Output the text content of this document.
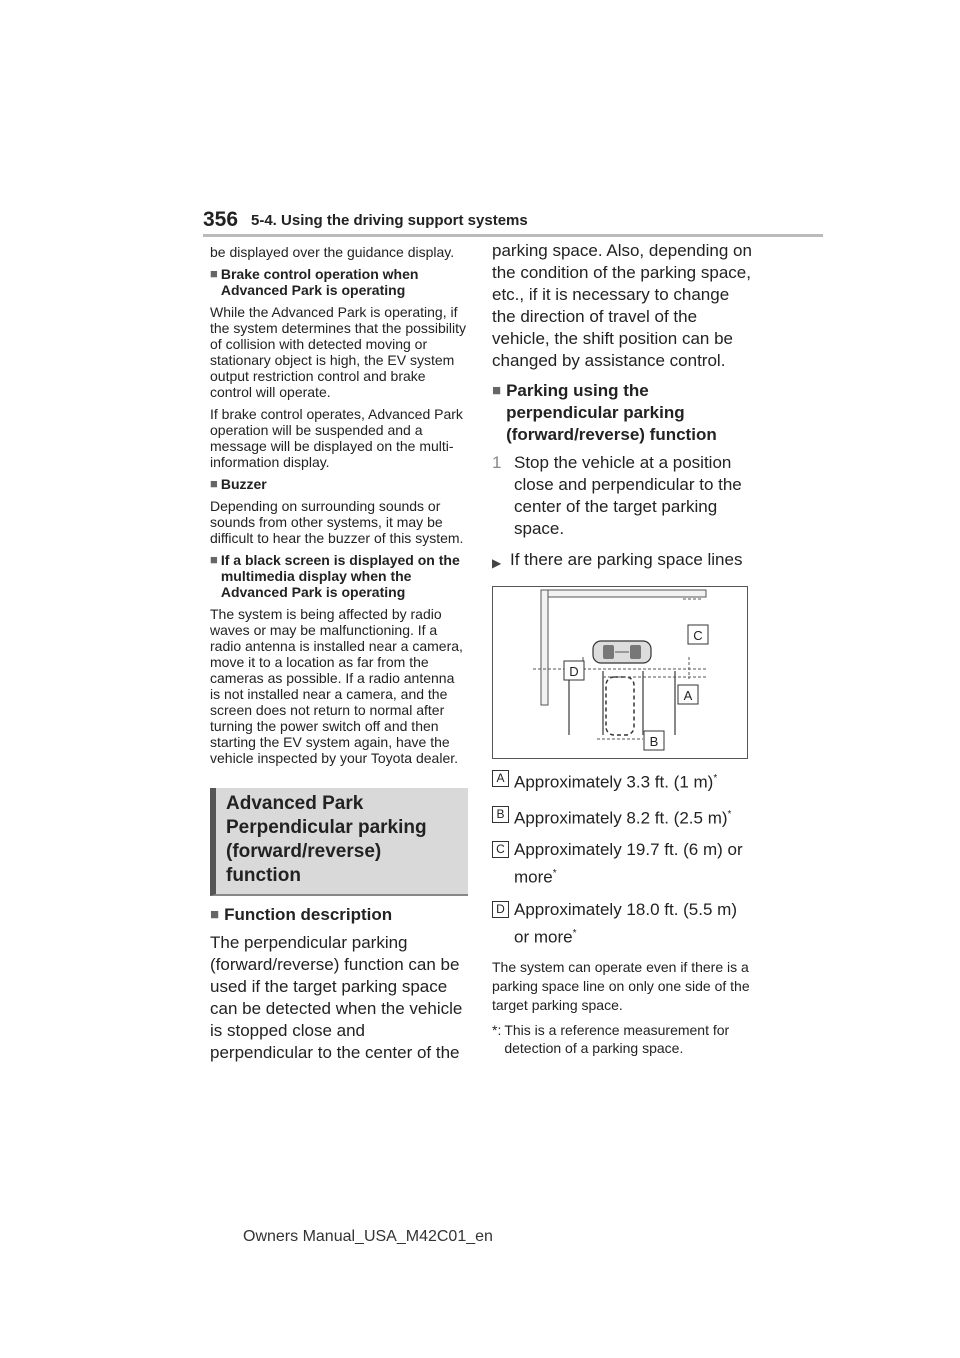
356 5-4. Using the driving support systems

be displayed over the guidance display.

■ Brake control operation when Advanced Park is operating

While the Advanced Park is operating, if the system determines that the possibility of collision with detected moving or stationary object is high, the EV system output restriction control and brake control will operate.

If brake control operates, Advanced Park operation will be suspended and a message will be displayed on the multi-information display.

■ Buzzer

Depending on surrounding sounds or sounds from other systems, it may be difficult to hear the buzzer of this system.

■ If a black screen is displayed on the multimedia display when the Advanced Park is operating

The system is being affected by radio waves or may be malfunctioning. If a radio antenna is installed near a camera, move it to a location as far from the cameras as possible. If a radio antenna is not installed near a camera, and the screen does not return to normal after turning the power switch off and then starting the EV system again, have the vehicle inspected by your Toyota dealer.

Advanced Park Perpendicular parking (forward/reverse) function
■ Function description

The perpendicular parking (forward/reverse) function can be used if the target parking space can be detected when the vehicle is stopped close and perpendicular to the center of the

parking space. Also, depending on the condition of the parking space, etc., if it is necessary to change the direction of travel of the vehicle, the shift position can be changed by assistance control.

■ Parking using the perpendicular parking (forward/reverse) function
1 Stop the vehicle at a position close and perpendicular to the center of the target parking space.
▶ If there are parking space lines
C
D
A
B
A Approximately 3.3 ft. (1 m)*
B Approximately 8.2 ft. (2.5 m)*
C Approximately 19.7 ft. (6 m) or more*
D Approximately 18.0 ft. (5.5 m) or more*

The system can operate even if there is a parking space line on only one side of the target parking space.

*: This is a reference measurement for detection of a parking space.
Owners Manual_USA_M42C01_en
